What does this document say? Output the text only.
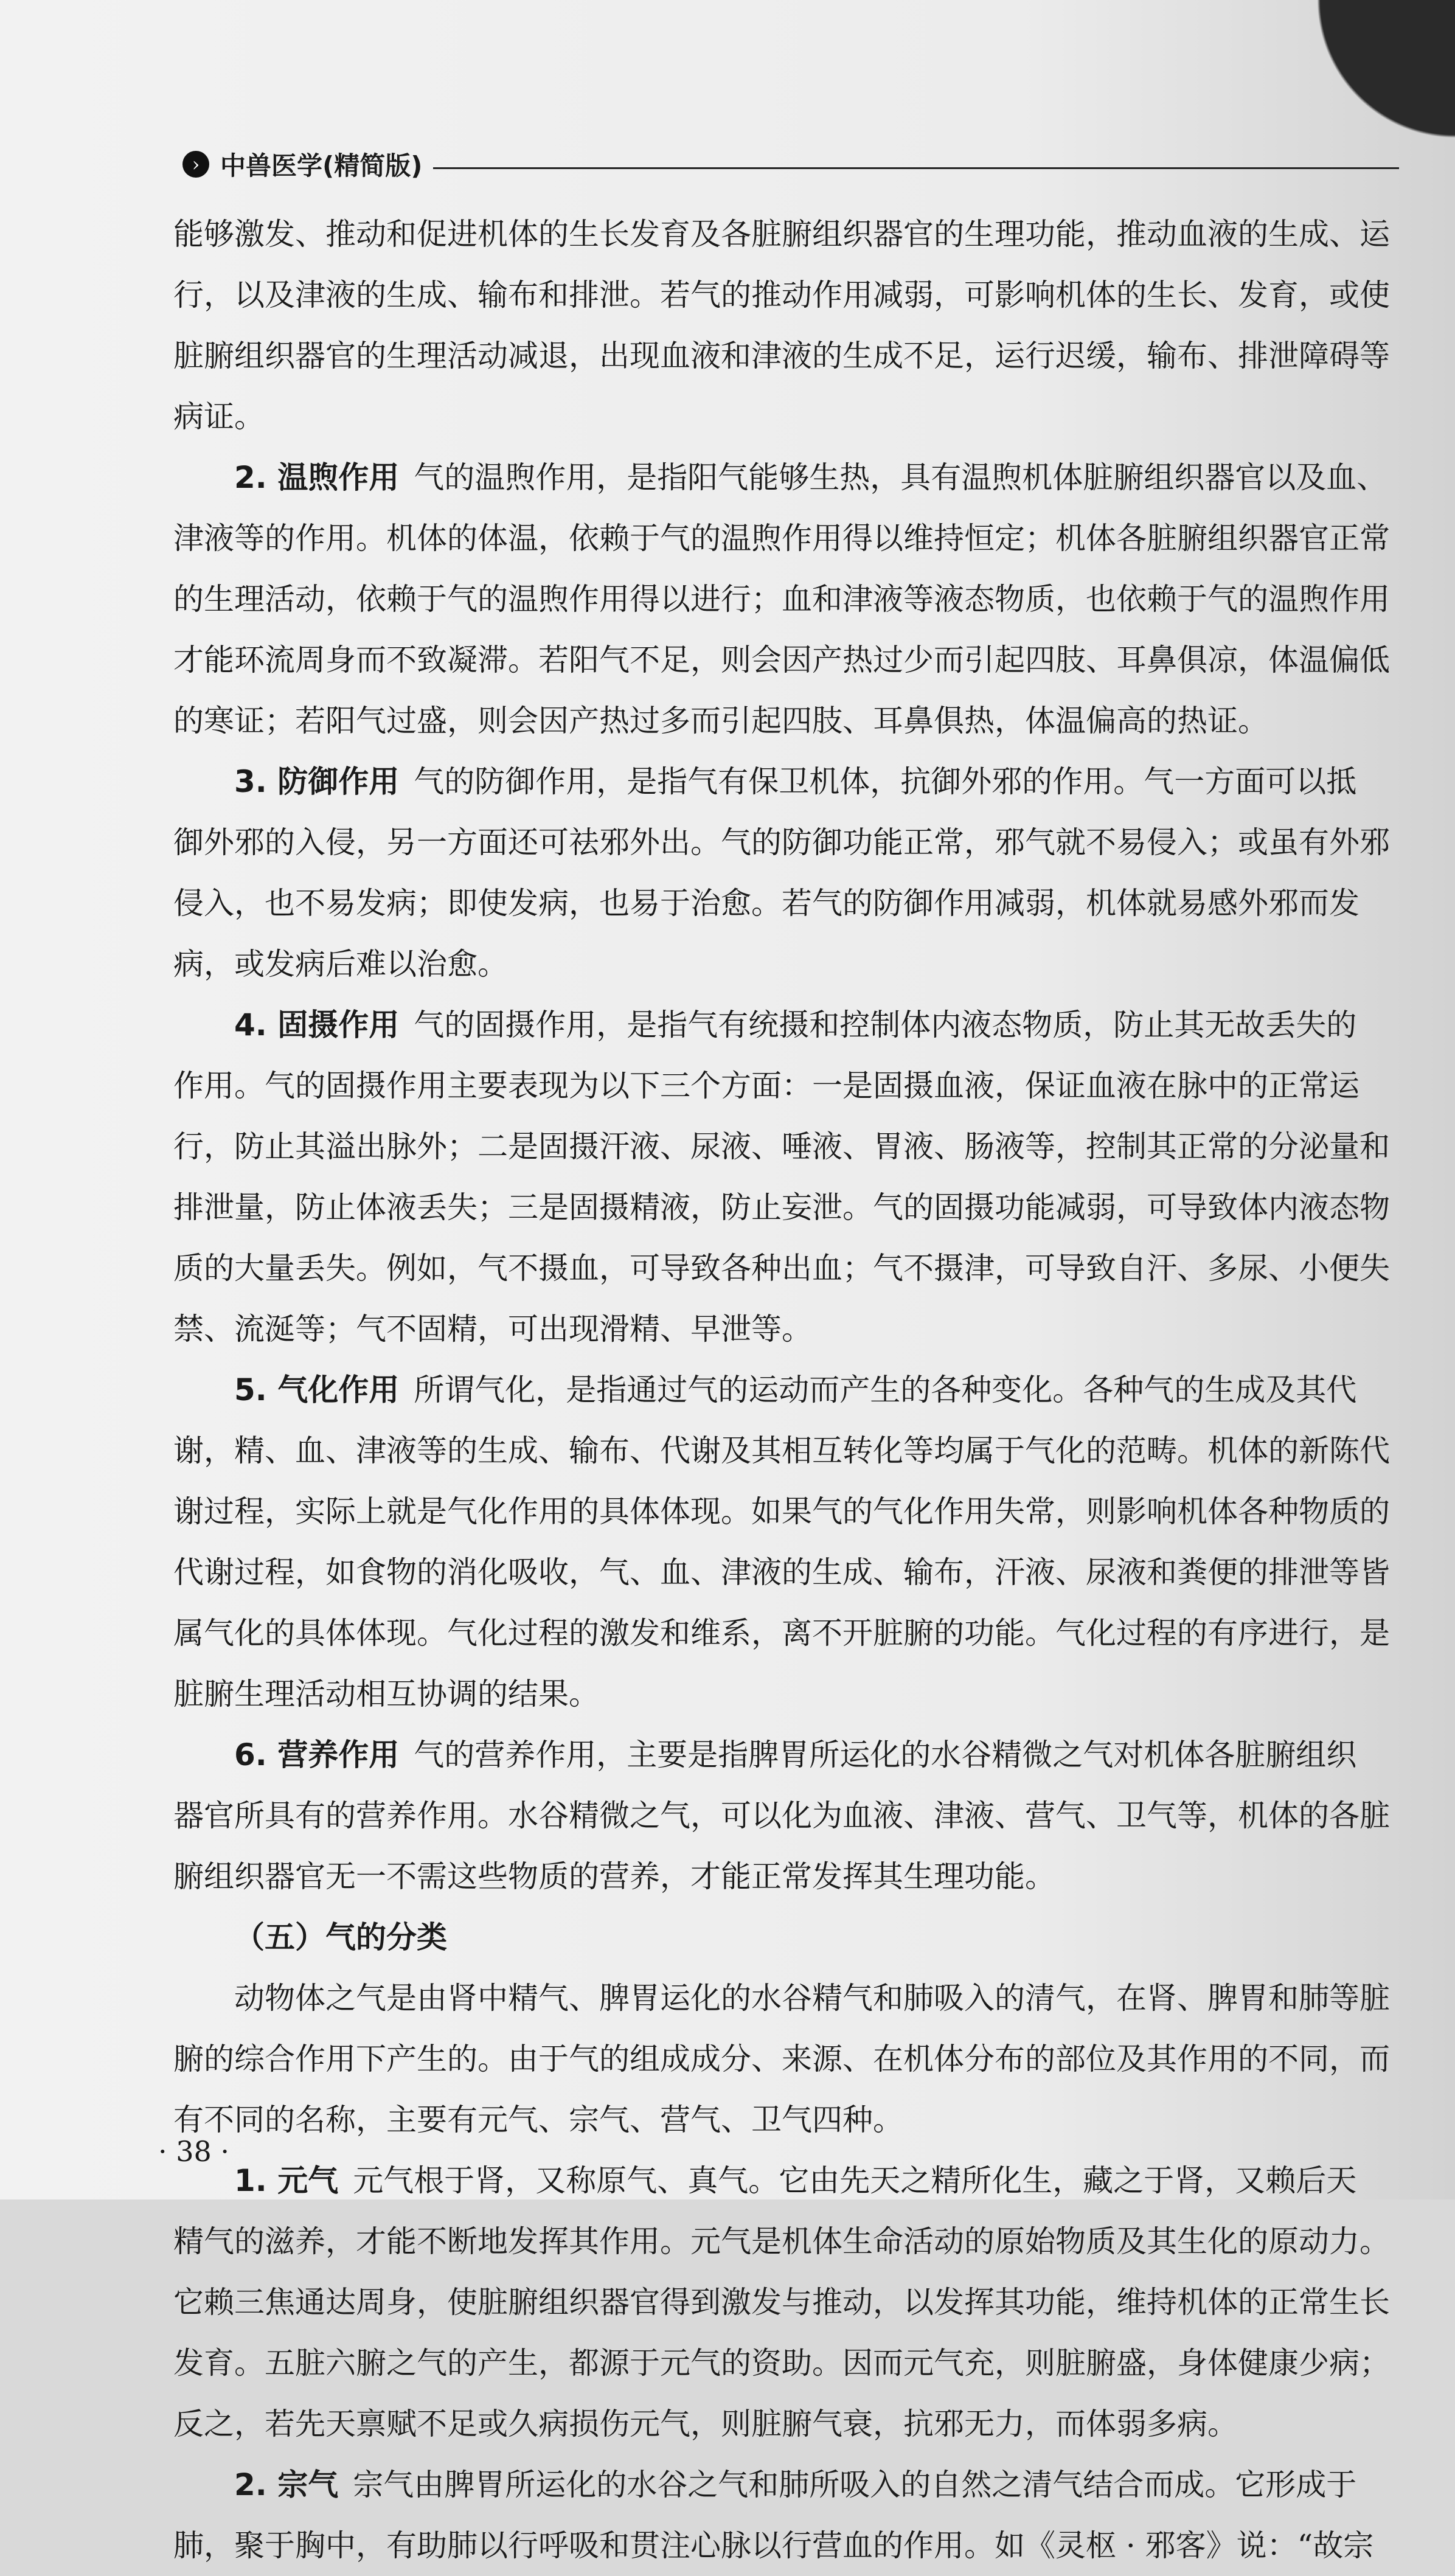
› 中兽医学(精简版)
能够激发、推动和促进机体的生长发育及各脏腑组织器官的生理功能，推动血液的生成、运
行，以及津液的生成、输布和排泄。若气的推动作用减弱，可影响机体的生长、发育，或使
脏腑组织器官的生理活动减退，出现血液和津液的生成不足，运行迟缓，输布、排泄障碍等
病证。
2. 温煦作用 气的温煦作用，是指阳气能够生热，具有温煦机体脏腑组织器官以及血、
津液等的作用。机体的体温，依赖于气的温煦作用得以维持恒定；机体各脏腑组织器官正常
的生理活动，依赖于气的温煦作用得以进行；血和津液等液态物质，也依赖于气的温煦作用
才能环流周身而不致凝滞。若阳气不足，则会因产热过少而引起四肢、耳鼻俱凉，体温偏低
的寒证；若阳气过盛，则会因产热过多而引起四肢、耳鼻俱热，体温偏高的热证。
3. 防御作用 气的防御作用，是指气有保卫机体，抗御外邪的作用。气一方面可以抵
御外邪的入侵，另一方面还可祛邪外出。气的防御功能正常，邪气就不易侵入；或虽有外邪
侵入，也不易发病；即使发病，也易于治愈。若气的防御作用减弱，机体就易感外邪而发
病，或发病后难以治愈。
4. 固摄作用 气的固摄作用，是指气有统摄和控制体内液态物质，防止其无故丢失的
作用。气的固摄作用主要表现为以下三个方面：一是固摄血液，保证血液在脉中的正常运
行，防止其溢出脉外；二是固摄汗液、尿液、唾液、胃液、肠液等，控制其正常的分泌量和
排泄量，防止体液丢失；三是固摄精液，防止妄泄。气的固摄功能减弱，可导致体内液态物
质的大量丢失。例如，气不摄血，可导致各种出血；气不摄津，可导致自汗、多尿、小便失
禁、流涎等；气不固精，可出现滑精、早泄等。
5. 气化作用 所谓气化，是指通过气的运动而产生的各种变化。各种气的生成及其代
谢，精、血、津液等的生成、输布、代谢及其相互转化等均属于气化的范畴。机体的新陈代
谢过程，实际上就是气化作用的具体体现。如果气的气化作用失常，则影响机体各种物质的
代谢过程，如食物的消化吸收，气、血、津液的生成、输布，汗液、尿液和粪便的排泄等皆
属气化的具体体现。气化过程的激发和维系，离不开脏腑的功能。气化过程的有序进行，是
脏腑生理活动相互协调的结果。
6. 营养作用 气的营养作用，主要是指脾胃所运化的水谷精微之气对机体各脏腑组织
器官所具有的营养作用。水谷精微之气，可以化为血液、津液、营气、卫气等，机体的各脏
腑组织器官无一不需这些物质的营养，才能正常发挥其生理功能。
（五）气的分类
动物体之气是由肾中精气、脾胃运化的水谷精气和肺吸入的清气，在肾、脾胃和肺等脏
腑的综合作用下产生的。由于气的组成成分、来源、在机体分布的部位及其作用的不同，而
有不同的名称，主要有元气、宗气、营气、卫气四种。
1. 元气 元气根于肾，又称原气、真气。它由先天之精所化生，藏之于肾，又赖后天
精气的滋养，才能不断地发挥其作用。元气是机体生命活动的原始物质及其生化的原动力。
它赖三焦通达周身，使脏腑组织器官得到激发与推动，以发挥其功能，维持机体的正常生长
发育。五脏六腑之气的产生，都源于元气的资助。因而元气充，则脏腑盛，身体健康少病；
反之，若先天禀赋不足或久病损伤元气，则脏腑气衰，抗邪无力，而体弱多病。
2. 宗气 宗气由脾胃所运化的水谷之气和肺所吸入的自然之清气结合而成。它形成于
肺，聚于胸中，有助肺以行呼吸和贯注心脉以行营血的作用。如《灵枢 · 邪客》说：“故宗
· 38 ·
